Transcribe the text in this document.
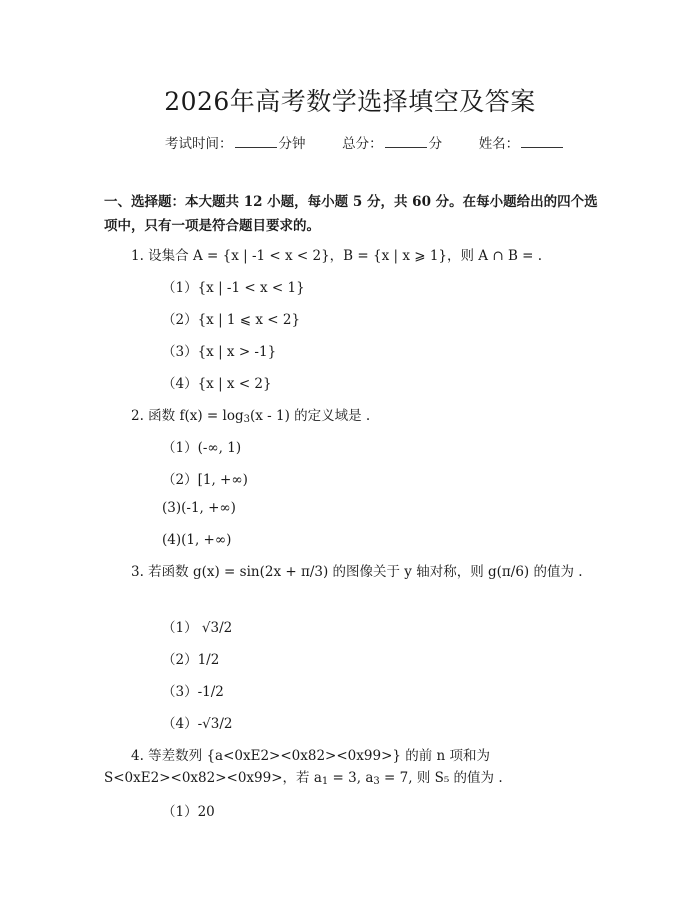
2026年高考数学选择填空及答案
考试时间：	分钟	总分：	分	姓名：
一、选择题：本大题共 12 小题，每小题 5 分，共 60 分。在每小题给出的四个选项中，只有一项是符合题目要求的。
1. 设集合 A = {x | -1 < x < 2}，B = {x | x ⩾ 1}，则 A ∩ B = .
（1）{x | -1 < x < 1}
（2）{x | 1 ⩽ x < 2}
（3）{x | x > -1}
（4）{x | x < 2}
2. 函数 $f(x) = \log_3(x - 1)$ 的定义域是 .
（1）(-∞, 1)
（2）[1, +∞)
(3)(-1, +∞)
(4)(1, +∞)
3. 若函数 g(x) = sin(2x + π/3) 的图像关于 y 轴对称，则 g(π/6) 的值为 .
（1） √3/2
（2）1/2
（3）-1/2
（4）-√3/2
4. 等差数列 {a<0xE2><0x82><0x99>} 的前 n 项和为
S<0xE2><0x82><0x99>，若 $a_1 = 3$, $a_3 = 7$, 则 S₅ 的值为 .
（1）20
